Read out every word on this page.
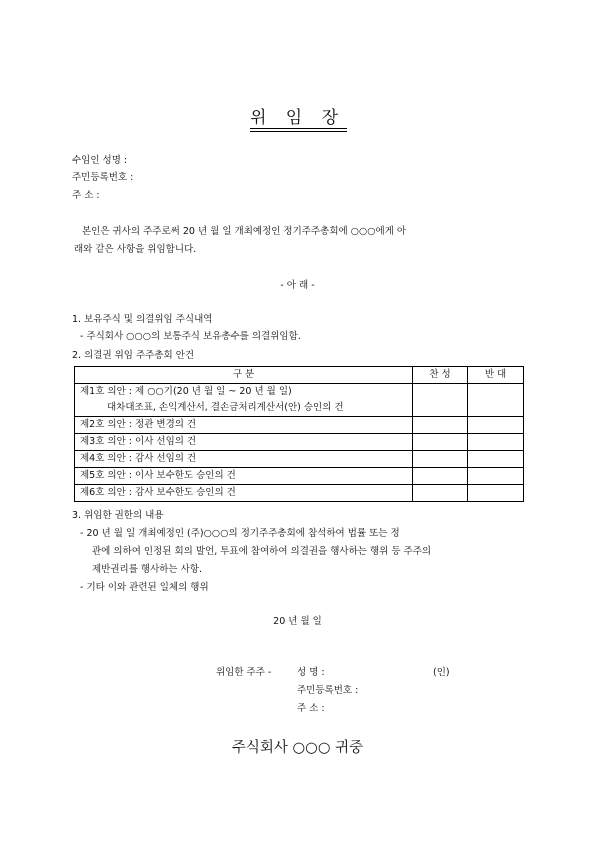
위 임 장
수임인 성명 :
주민등록번호 :
주 소 :
본인은 귀사의 주주로써 20 년 월 일 개최예정인 정기주주총회에 ○○○에게 아
래와 같은 사항을 위임합니다.
- 아 래 -
1. 보유주식 및 의결위임 주식내역
- 주식회사 ○○○의 보통주식 보유총수를 의결위임함.
2. 의결권 위임 주주총회 안건
구 분	찬 성	반 대

제1호 의안 : 제 ○○기(20 년 월 일 ~ 20 년 월 일)
대차대조표, 손익계산서, 결손금처리계산서(안) 승인의 건		

제2호 의안 : 정관 변경의 건		
제3호 의안 : 이사 선임의 건		
제4호 의안 : 감사 선임의 건		
제5호 의안 : 이사 보수한도 승인의 건		
제6호 의안 : 감사 보수한도 승인의 건		
3. 위임한 권한의 내용
- 20 년 월 일 개최예정인 (주)○○○의 정기주주총회에 참석하여 법률 또는 정
관에 의하여 인정된 회의 발언, 투표에 참여하여 의결권을 행사하는 행위 등 주주의
제반권리를 행사하는 사항.
- 기타 이와 관련된 일체의 행위
20 년 월 일
위임한 주주 -	성 명 :	(인)
주민등록번호 :
주 소 :
주식회사 ○○○ 귀중
